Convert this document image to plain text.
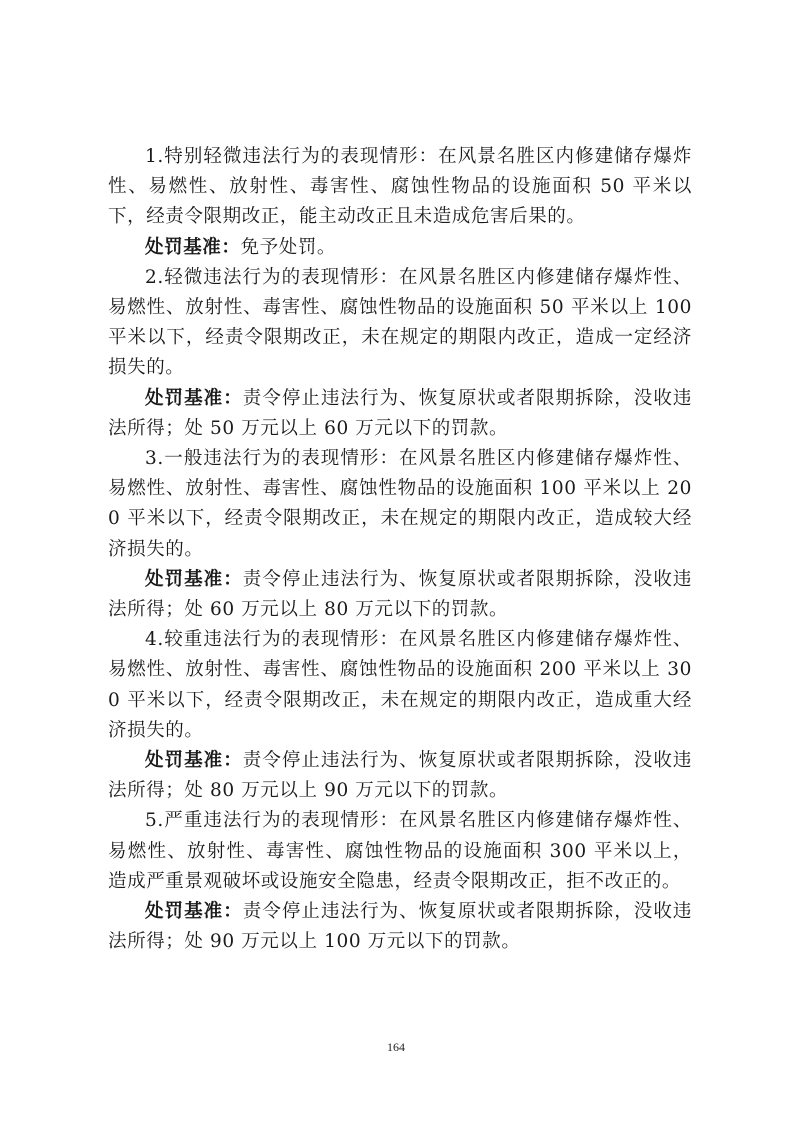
1.特别轻微违法行为的表现情形：在风景名胜区内修建储存爆炸性、易燃性、放射性、毒害性、腐蚀性物品的设施面积 50 平米以下，经责令限期改正，能主动改正且未造成危害后果的。

处罚基准：免予处罚。

2.轻微违法行为的表现情形：在风景名胜区内修建储存爆炸性、易燃性、放射性、毒害性、腐蚀性物品的设施面积 50 平米以上 100 平米以下，经责令限期改正，未在规定的期限内改正，造成一定经济损失的。

处罚基准：责令停止违法行为、恢复原状或者限期拆除，没收违法所得；处 50 万元以上 60 万元以下的罚款。

3.一般违法行为的表现情形：在风景名胜区内修建储存爆炸性、易燃性、放射性、毒害性、腐蚀性物品的设施面积 100 平米以上 200 平米以下，经责令限期改正，未在规定的期限内改正，造成较大经济损失的。

处罚基准：责令停止违法行为、恢复原状或者限期拆除，没收违法所得；处 60 万元以上 80 万元以下的罚款。

4.较重违法行为的表现情形：在风景名胜区内修建储存爆炸性、易燃性、放射性、毒害性、腐蚀性物品的设施面积 200 平米以上 300 平米以下，经责令限期改正，未在规定的期限内改正，造成重大经济损失的。

处罚基准：责令停止违法行为、恢复原状或者限期拆除，没收违法所得；处 80 万元以上 90 万元以下的罚款。

5.严重违法行为的表现情形：在风景名胜区内修建储存爆炸性、易燃性、放射性、毒害性、腐蚀性物品的设施面积 300 平米以上，造成严重景观破坏或设施安全隐患，经责令限期改正，拒不改正的。

处罚基准：责令停止违法行为、恢复原状或者限期拆除，没收违法所得；处 90 万元以上 100 万元以下的罚款。

164
